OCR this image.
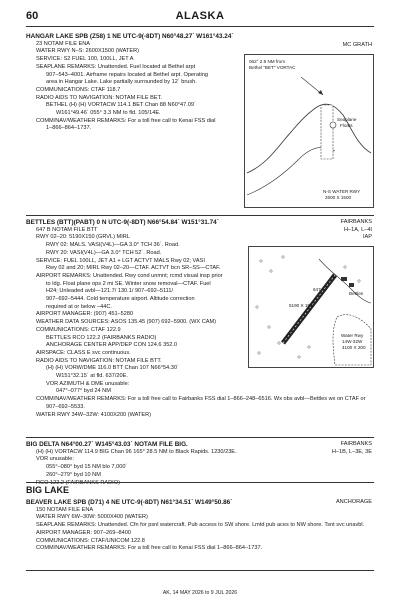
60	ALASKA
HANGAR LAKE SPB (Z58) 1 NE UTC-9(-8DT) N60°48.27´ W161°43.24´
23 NOTAM FILE ENA
WATER RWY N–S: 2600X1500 (WATER)
SERVICE: S2 FUEL 100, 100LL, JET A
SEAPLANE REMARKS: Unattended. Fuel located at Bethel arpt
907–543–4001. Airframe repairs located at Bethel arpt. Operating
area in Hangar Lake. Lake partially surrounded by 12´ brush.
COMMUNICATIONS: CTAF 118.7
RADIO AIDS TO NAVIGATION: NOTAM FILE BET.
BETHEL (H) (H) VORTACW 114.1 BET Chan 88 N60°47.09´
W161°49.46´ 055° 3.3 NM to fld. 105/14E.
COMM/NAV/WEATHER REMARKS: For a toll free call to Kenai FSS dial
1–866–864–1737.
MC GRATH
062° 2.9 NM from
Bethel "BET" VORTAC
Seaplane
Floats
N-S WATER RWY
2600 X 1500
BETTLES (BTT)(PABT) 0 N UTC-9(-8DT) N66°54.84´ W151°31.74´
647 B NOTAM FILE BTT
RWY 02–20: 5190X150 (GRVL) MIRL
RWY 02: MALS. VASI(V4L)—GA 3.0° TCH 36´. Road.
RWY 20: VASI(V4L)—GA 3.0° TCH 52´. Road.
SERVICE: FUEL 100LL, JET A1 + LGT ACTVT MALS Rwy 02; VASI
Rwy 02 and 20; MIRL Rwy 02–20—CTAF. ACTVT bcn SR–SS—CTAF.
AIRPORT REMARKS: Unattended. Rwy cond unmnt; rcmd visual insp prior
to ldg. Float plane ops 2 mi SE. Winter snow removal—CTAF. Fuel
H24; Unleaded avbl—121.7/ 130.1/ 907–692–5111/
907–692–5444. Cold temperature airport. Altitude correction
required at or below –44C.
AIRPORT MANAGER: (907) 451–5280
WEATHER DATA SOURCES: ASOS 135.45 (907) 692–5900. (WX CAM)
COMMUNICATIONS: CTAF 122.9
BETTLES RCO 122.2 (FAIRBANKS RADIO)
ANCHORAGE CENTER APP/DEP CON 124.6 352.0
AIRSPACE: CLASS E svc continuous.
RADIO AIDS TO NAVIGATION: NOTAM FILE BTT.
(H) (H) VORW/DME 116.0 BTT Chan 107 N66°54.30´
W151°32.15´ at fld. 637/20E.
VOR AZIMUTH & DME unusable:
047°–077° byd 24 NM
COMM/NAV/WEATHER REMARKS: For a toll free call to Fairbanks FSS dial 1–866–248–6516. Wx obs avbl—Bettles wx on CTAF or
907–692–5533.
WATER RWY 34W–32W: 4100X200 (WATER)
FAIRBANKS
H–1A, L–4I
IAP
Bettles
5190 X 150
Water Rwy
14W-32W
4100 X 200
647
BIG DELTA N64°00.27´ W145°43.03´ NOTAM FILE BIG.
(H) (H) VORTACW 114.9 BIG Chan 96 165° 28.5 NM to Black Rapids. 1230/23E.
VOR unusable:
055°–080° byd 15 NM blo 7,000´
260°–279° byd 10 NM
FAIRBANKS
H–1B, L–3E, 3E
BIG LAKE
BEAVER LAKE SPB (D71) 4 NE UTC-9(-8DT) N61°34.51´ W149°50.86´
150 NOTAM FILE ENA
WATER RWY 6W–30W: 5000X400 (WATER)
SEAPLANE REMARKS: Unattended. Cfn for psnl watercraft. Pub access to SW shore. Lmtd pub aces to NW shore. Tsnt svc unavbl.
AIRPORT MANAGER: 907–269–8400
COMMUNICATIONS: CTAF/UNICOM 122.8
COMM/NAV/WEATHER REMARKS: For a toll free call to Kenai FSS dial 1–866–864–1737.
ANCHORAGE
AK, 14 MAY 2026 to 9 JUL 2026
